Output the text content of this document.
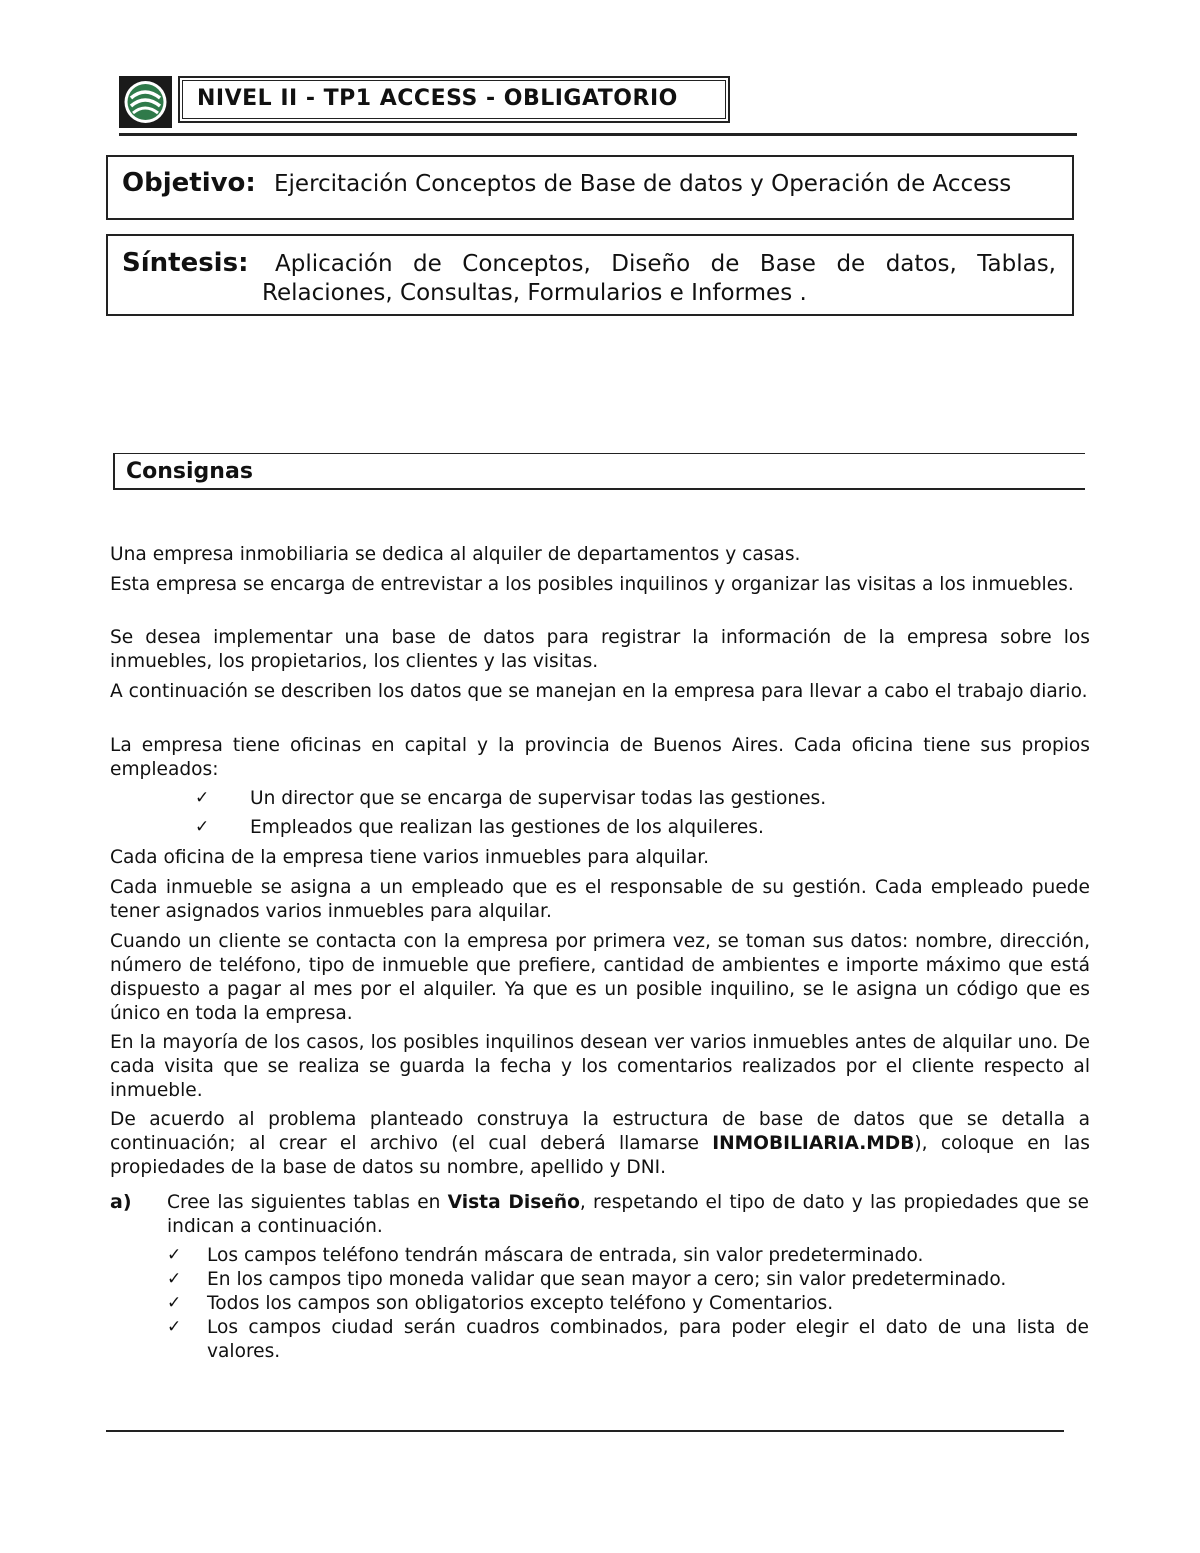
NIVEL II - TP1 ACCESS - OBLIGATORIO
Objetivo: Ejercitación Conceptos de Base de datos y Operación de Access
Síntesis: Aplicación de Conceptos, Diseño de Base de datos, Tablas,
Relaciones, Consultas, Formularios e Informes .
Consignas
Una empresa inmobiliaria se dedica al alquiler de departamentos y casas.
Esta empresa se encarga de entrevistar a los posibles inquilinos y organizar las visitas a los inmuebles.
Se desea implementar una base de datos para registrar la información de la empresa sobre los inmuebles, los propietarios, los clientes y las visitas.
A continuación se describen los datos que se manejan en la empresa para llevar a cabo el trabajo diario.
La empresa tiene oficinas en capital y la provincia de Buenos Aires. Cada oficina tiene sus propios empleados:
✓ Un director que se encarga de supervisar todas las gestiones.
✓ Empleados que realizan las gestiones de los alquileres.
Cada oficina de la empresa tiene varios inmuebles para alquilar.
Cada inmueble se asigna a un empleado que es el responsable de su gestión. Cada empleado puede tener asignados varios inmuebles para alquilar.
Cuando un cliente se contacta con la empresa por primera vez, se toman sus datos: nombre, dirección, número de teléfono, tipo de inmueble que prefiere, cantidad de ambientes e importe máximo que está dispuesto a pagar al mes por el alquiler. Ya que es un posible inquilino, se le asigna un código que es único en toda la empresa.
En la mayoría de los casos, los posibles inquilinos desean ver varios inmuebles antes de alquilar uno. De cada visita que se realiza se guarda la fecha y los comentarios realizados por el cliente respecto al inmueble.
De acuerdo al problema planteado construya la estructura de base de datos que se detalla a continuación; al crear el archivo (el cual deberá llamarse INMOBILIARIA.MDB), coloque en las propiedades de la base de datos su nombre, apellido y DNI.
a) Cree las siguientes tablas en Vista Diseño, respetando el tipo de dato y las propiedades que se indican a continuación.
✓ Los campos teléfono tendrán máscara de entrada, sin valor predeterminado.
✓ En los campos tipo moneda validar que sean mayor a cero; sin valor predeterminado.
✓ Todos los campos son obligatorios excepto teléfono y Comentarios.
✓ Los campos ciudad serán cuadros combinados, para poder elegir el dato de una lista de valores.
